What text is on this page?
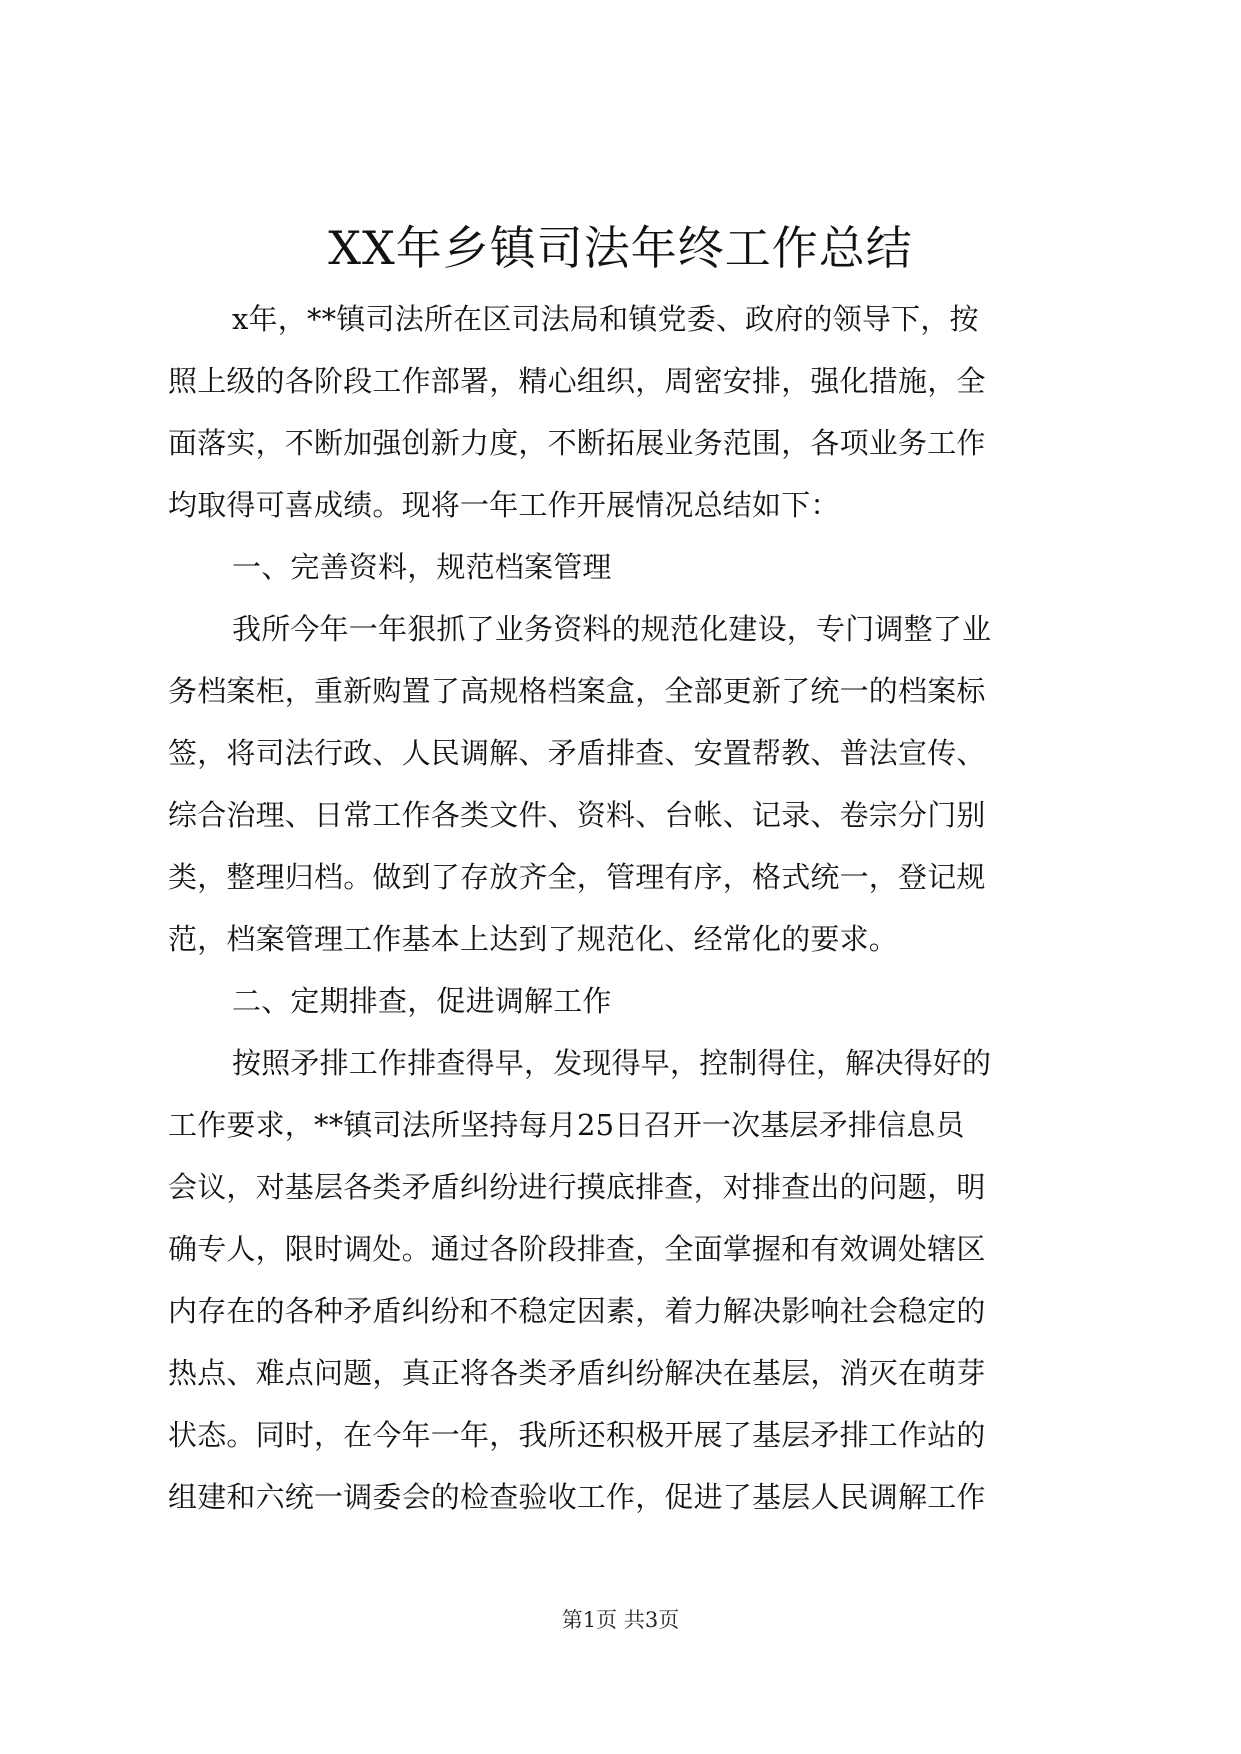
XX年乡镇司法年终工作总结
x年，**镇司法所在区司法局和镇党委、政府的领导下，按
照上级的各阶段工作部署，精心组织，周密安排，强化措施，全
面落实，不断加强创新力度，不断拓展业务范围，各项业务工作
均取得可喜成绩。现将一年工作开展情况总结如下：
一、完善资料，规范档案管理
我所今年一年狠抓了业务资料的规范化建设，专门调整了业
务档案柜，重新购置了高规格档案盒，全部更新了统一的档案标
签，将司法行政、人民调解、矛盾排查、安置帮教、普法宣传、
综合治理、日常工作各类文件、资料、台帐、记录、卷宗分门别
类，整理归档。做到了存放齐全，管理有序，格式统一，登记规
范，档案管理工作基本上达到了规范化、经常化的要求。
二、定期排查，促进调解工作
按照矛排工作排查得早，发现得早，控制得住，解决得好的
工作要求，**镇司法所坚持每月25日召开一次基层矛排信息员
会议，对基层各类矛盾纠纷进行摸底排查，对排查出的问题，明
确专人，限时调处。通过各阶段排查，全面掌握和有效调处辖区
内存在的各种矛盾纠纷和不稳定因素，着力解决影响社会稳定的
热点、难点问题，真正将各类矛盾纠纷解决在基层，消灭在萌芽
状态。同时，在今年一年，我所还积极开展了基层矛排工作站的
组建和六统一调委会的检查验收工作，促进了基层人民调解工作
第1页 共3页
